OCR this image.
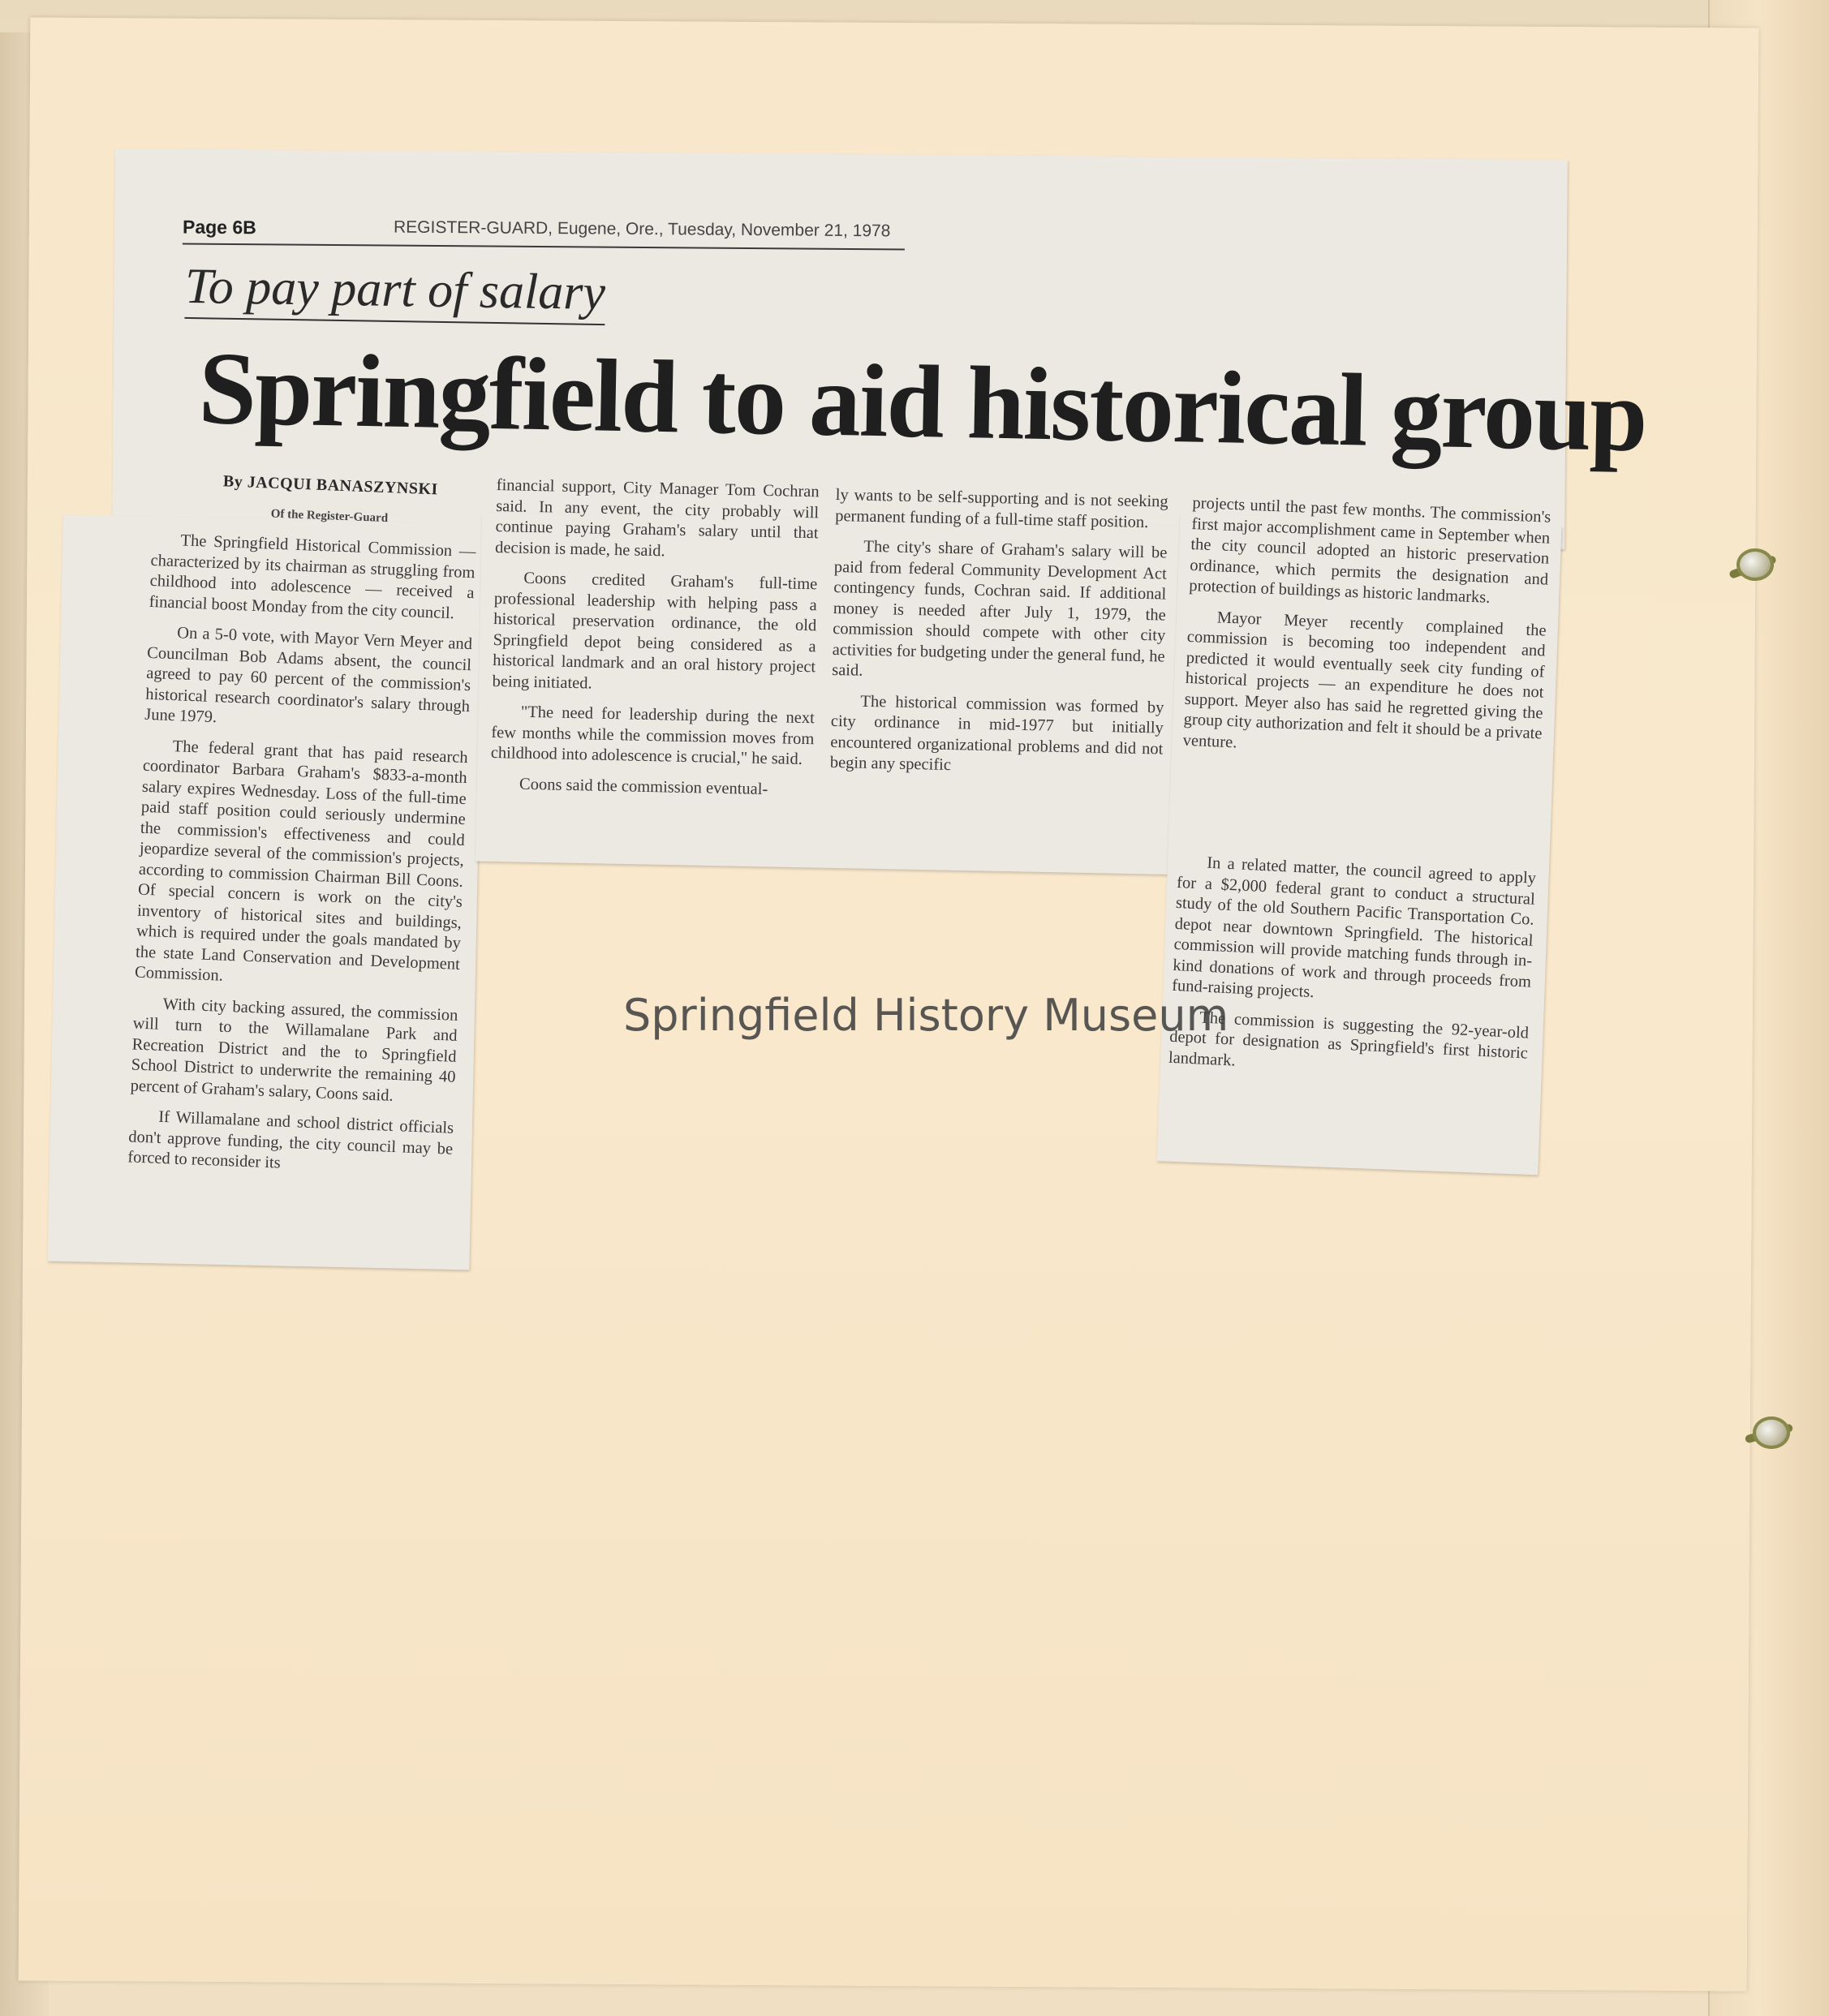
Page 6B	REGISTER-GUARD, Eugene, Ore., Tuesday, November 21, 1978
To pay part of salary
Springfield to aid historical group

By JACQUI BANASZYNSKI

Of the Register-Guard

The Springfield Historical Commission — characterized by its chairman as struggling from childhood into adolescence — received a financial boost Monday from the city council.

On a 5-0 vote, with Mayor Vern Meyer and Councilman Bob Adams absent, the council agreed to pay 60 percent of the commission's historical research coordinator's salary through June 1979.

The federal grant that has paid research coordinator Barbara Graham's $833-a-month salary expires Wednesday. Loss of the full-time paid staff position could seriously undermine the commission's effectiveness and could jeopardize several of the commission's projects, according to commission Chairman Bill Coons. Of special concern is work on the city's inventory of historical sites and buildings, which is required under the goals mandated by the state Land Conservation and Development Commission.

With city backing assured, the commission will turn to the Willamalane Park and Recreation District and the to Springfield School District to underwrite the remaining 40 percent of Graham's salary, Coons said.

If Willamalane and school district officials don't approve funding, the city council may be forced to reconsider its

financial support, City Manager Tom Cochran said. In any event, the city probably will continue paying Graham's salary until that decision is made, he said.

Coons credited Graham's full-time professional leadership with helping pass a historical preservation ordinance, the old Springfield depot being considered as a historical landmark and an oral history project being initiated.

"The need for leadership during the next few months while the commission moves from childhood into adolescence is crucial," he said.

Coons said the commission eventual-

ly wants to be self-supporting and is not seeking permanent funding of a full-time staff position.

The city's share of Graham's salary will be paid from federal Community Development Act contingency funds, Cochran said. If additional money is needed after July 1, 1979, the commission should compete with other city activities for budgeting under the general fund, he said.

The historical commission was formed by city ordinance in mid-1977 but initially encountered organizational problems and did not begin any specific

projects until the past few months. The commission's first major accomplishment came in September when the city council adopted an historic preservation ordinance, which permits the designation and protection of buildings as historic landmarks.

Mayor Meyer recently complained the commission is becoming too independent and predicted it would eventually seek city funding of historical projects — an expenditure he does not support. Meyer also has said he regretted giving the group city authorization and felt it should be a private venture.

In a related matter, the council agreed to apply for a $2,000 federal grant to conduct a structural study of the old Southern Pacific Transportation Co. depot near downtown Springfield. The historical commission will provide matching funds through in-kind donations of work and through proceeds from fund-raising projects.

The commission is suggesting the 92-year-old depot for designation as Springfield's first historic landmark.

Springfield History Museum
